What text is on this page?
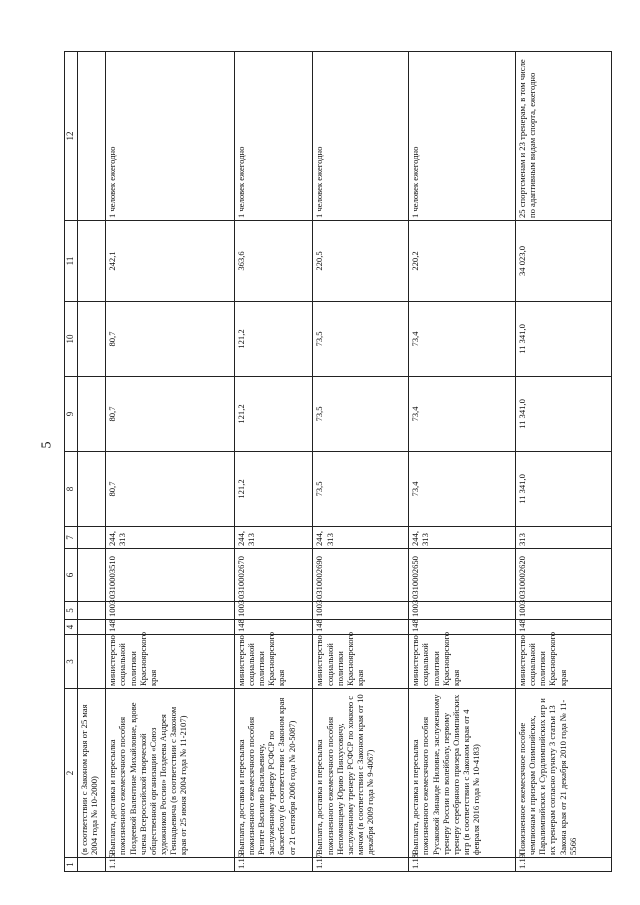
5
1	2	3	4	5	6	7	8	9	10	11	12
	(в соответствии с Законом края от 25 мая 2004 года № 10-2000)										
1.15	Выплата, доставка и пересылка пожизненного ежемесячного пособия Поздеевой Валентине Михайловне, вдове члена Всероссийской творческой общественной организации «Союз художников России» Поздеева Андрея Геннадьевича (в соответствии с Законом края от 25 июня 2004 года № 11-2107)	министерство социальной политики Красноярского края	148	1003	0310003510	244, 313	80,7	80,7	80,7	242,1	1 человек ежегодно
1.16	Выплата, доставка и пересылка пожизненного ежемесячного пособия Репите Василию Васильевичу, заслуженному тренеру РСФСР по баскетболу (в соответствии с Законом края от 21 сентября 2006 года № 20-5087)	министерство социальной политики Красноярского края	148	1003	0310002670	244, 313	121,2	121,2	121,2	363,6	1 человек ежегодно
1.17	Выплата, доставка и пересылка пожизненного ежемесячного пособия Непомнящему Юрию Пинхусовичу, заслуженному тренеру РСФСР по хоккею с мячом (в соответствии с Законом края от 10 декабря 2009 года № 9-4067)	министерство социальной политики Красноярского края	148	1003	0310002690	244, 313	73,5	73,5	73,5	220,5	1 человек ежегодно
1.18	Выплата, доставка и пересылка пожизненного ежемесячного пособия Русаковой Зинаиде Ниловне, заслуженному тренеру России по волейболу, первому тренеру серебряного призера Олимпийских игр (в соответствии с Законом края от 4 февраля 2016 года № 10-4183)	министерство социальной политики Красноярского края	148	1003	0310002650	244, 313	73,4	73,4	73,4	220,2	1 человек ежегодно
1.19	Пожизненное ежемесячное пособие чемпионам и призерам Олимпийских, Паралимпийских и Сурдлимпийских игр и их тренерам согласно пункту 3 статьи 13 Закона края от 21 декабря 2010 года № 11-5566	министерство социальной политики Красноярского края	148	1003	0310002620	313	11 341,0	11 341,0	11 341,0	34 023,0	25 спортсменам и 23 тренерам, в том числе по адаптивным видам спорта, ежегодно
